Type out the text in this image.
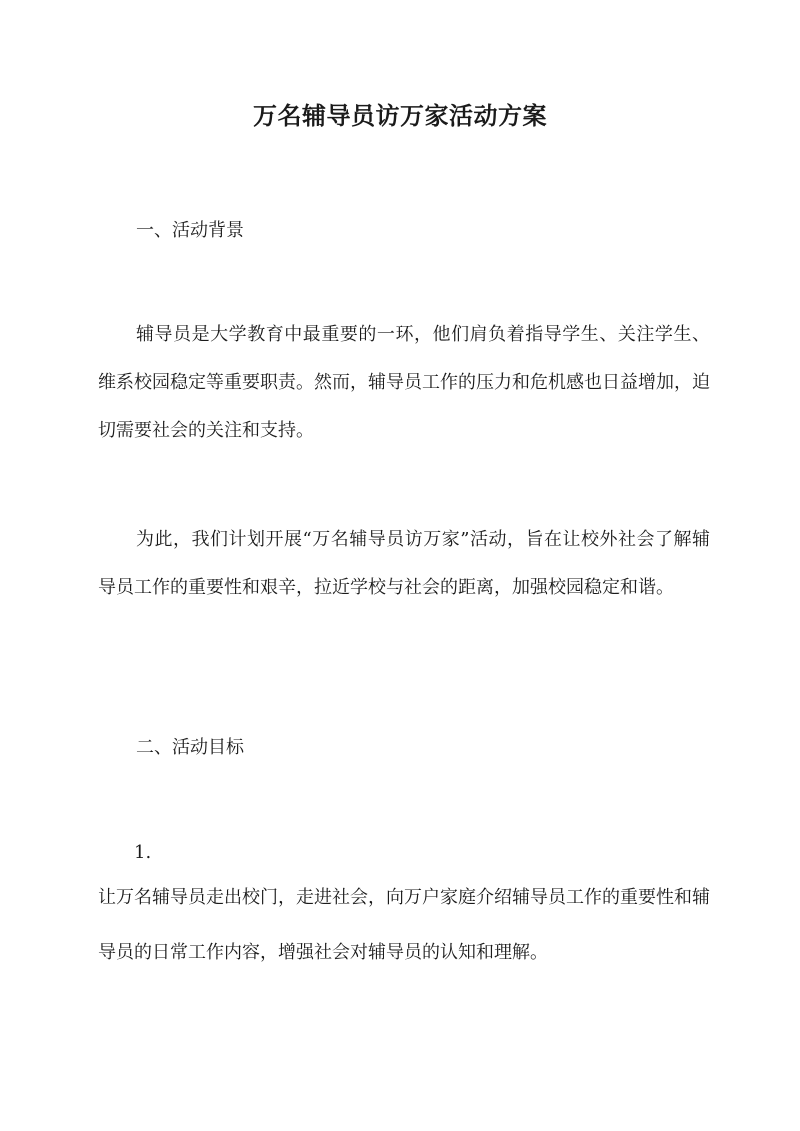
万名辅导员访万家活动方案
一、活动背景

辅导员是大学教育中最重要的一环，他们肩负着指导学生、关注学生、维系校园稳定等重要职责。然而，辅导员工作的压力和危机感也日益增加，迫切需要社会的关注和支持。

为此，我们计划开展“万名辅导员访万家”活动，旨在让校外社会了解辅导员工作的重要性和艰辛，拉近学校与社会的距离，加强校园稳定和谐。

二、活动目标

1.

让万名辅导员走出校门，走进社会，向万户家庭介绍辅导员工作的重要性和辅导员的日常工作内容，增强社会对辅导员的认知和理解。
